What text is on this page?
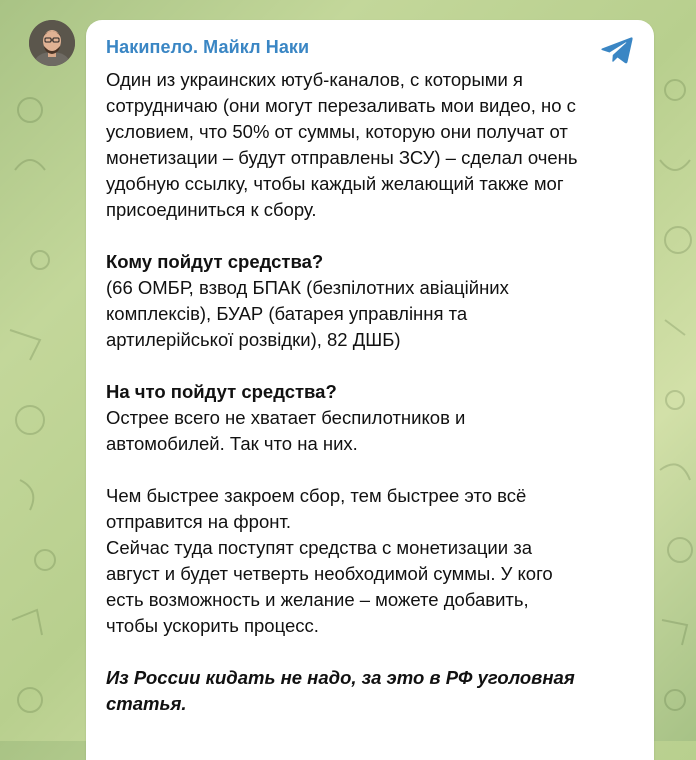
Накипело. Майкл Наки

Один из украинских ютуб-каналов, с которыми я

сотрудничаю (они могут перезаливать мои видео, но с

условием, что 50% от суммы, которую они получат от

монетизации – будут отправлены ЗСУ) – сделал очень

удобную ссылку, чтобы каждый желающий также мог

присоединиться к сбору.

Кому пойдут средства?

(66 ОМБР, взвод БПАК (безпілотних авіаційних

комплексів), БУАР (батарея управління та

артилерійської розвідки), 82 ДШБ)

На что пойдут средства?

Острее всего не хватает беспилотников и

автомобилей. Так что на них.

Чем быстрее закроем сбор, тем быстрее это всё

отправится на фронт.

Сейчас туда поступят средства с монетизации за

август и будет четверть необходимой суммы. У кого

есть возможность и желание – можете добавить,

чтобы ускорить процесс.

Из России кидать не надо, за это в РФ уголовная

статья.
